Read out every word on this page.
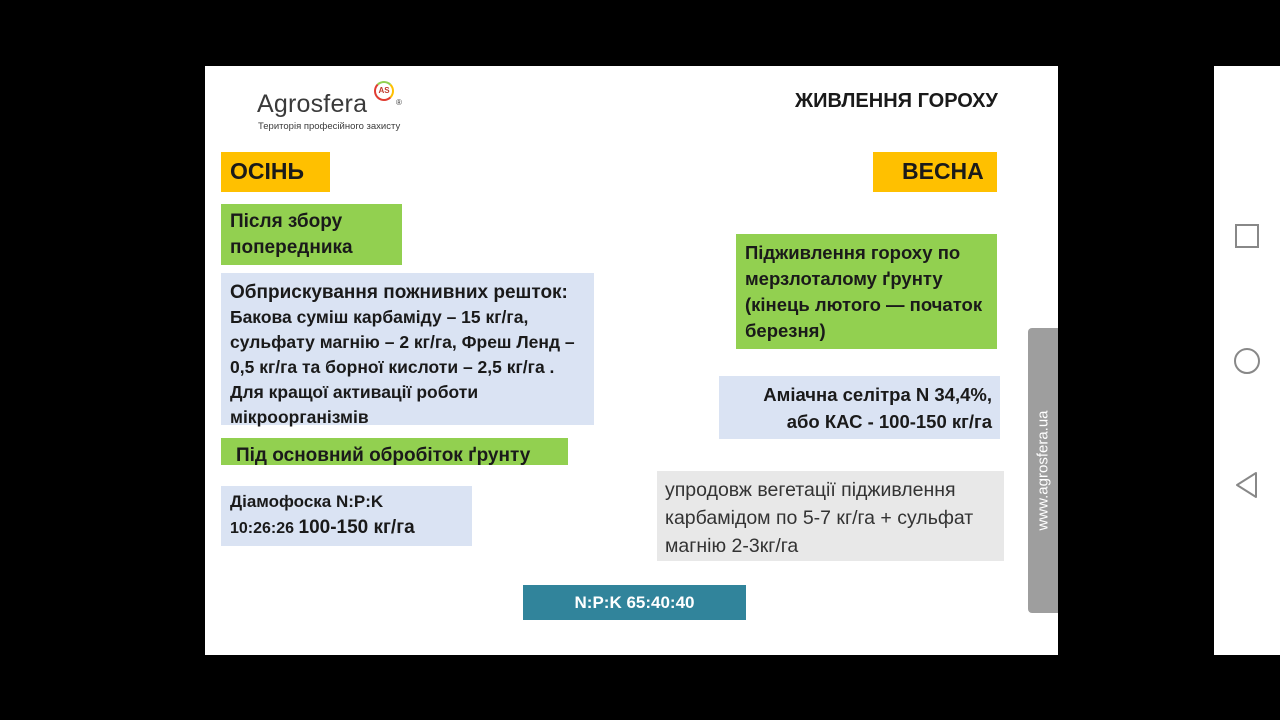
Agrosfera	AS
®
Територія професійного захисту
ЖИВЛЕННЯ ГОРОХУ
ОСІНЬ
Після збору попередника
Обприскування пожнивних решток: Бакова суміш карбаміду – 15 кг/га, сульфату магнію – 2 кг/га, Фреш Ленд – 0,5 кг/га та борної кислоти – 2,5 кг/га . Для кращої активації роботи мікроорганізмів
Під основний обробіток ґрунту
Діамофоска N:P:K
10:26:26 100-150 кг/га
ВЕСНА
Підживлення гороху по мерзлоталому ґрунту (кінець лютого — початок березня)
Аміачна селітра N 34,4%,
або КАС - 100-150 кг/га
упродовж вегетації підживлення карбамідом по 5-7 кг/га + сульфат магнію 2-3кг/га
N:P:K 65:40:40
www.agrosfera.ua
